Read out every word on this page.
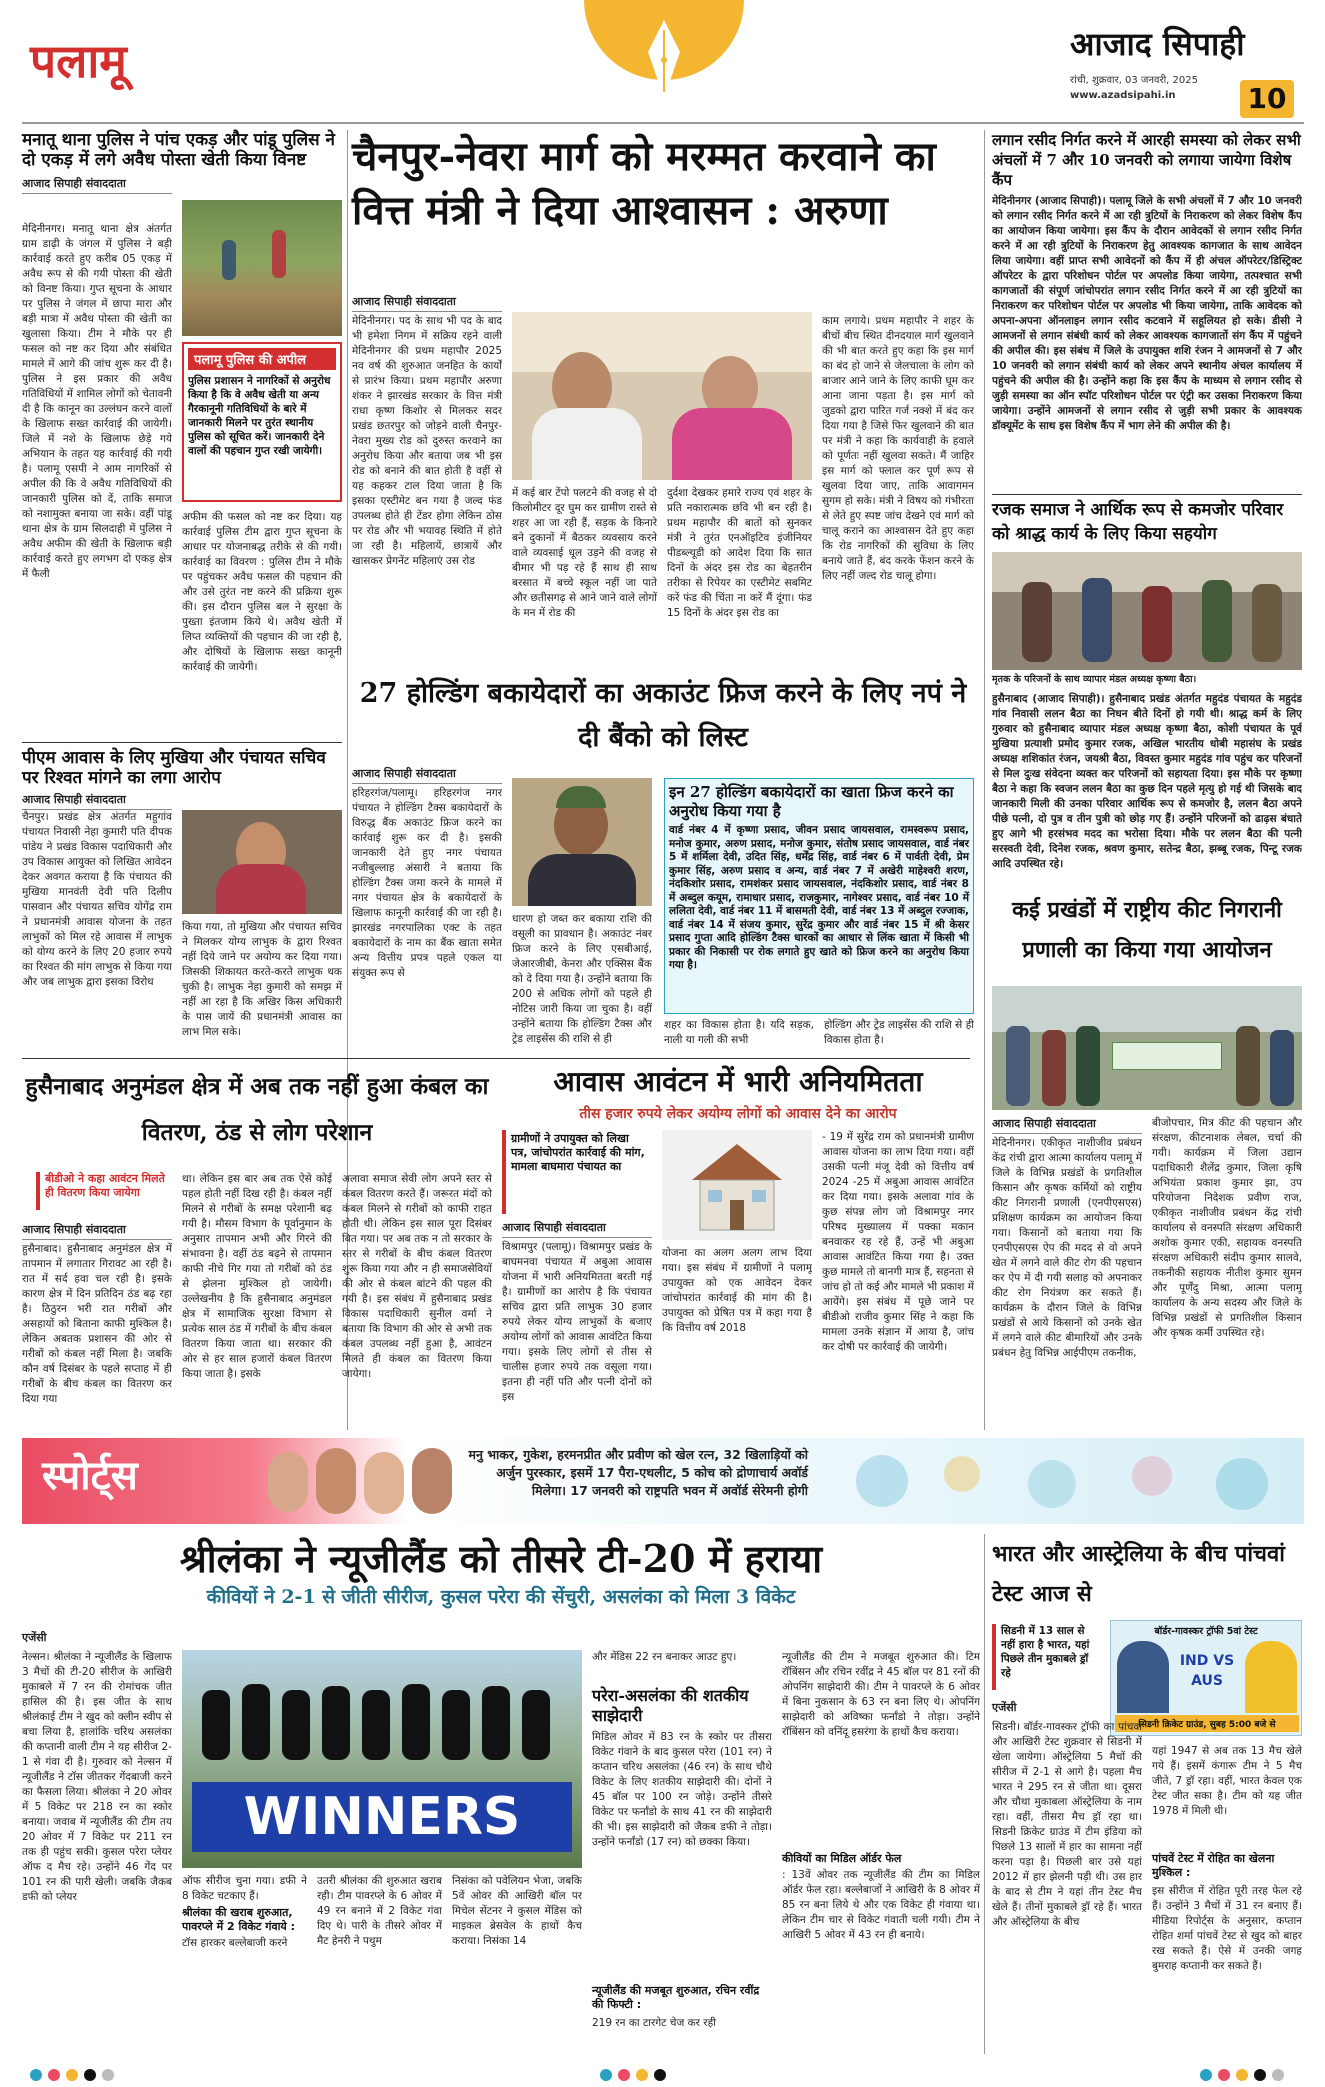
पलामू	आजाद सिपाही
रांची, शुक्रवार, 03 जनवरी, 2025
www.azadsipahi.in	10
मनातू थाना पुलिस ने पांच एकड़ और पांडू पुलिस ने दो एकड़ में लगे अवैध पोस्ता खेती किया विनष्ट
आजाद सिपाही संवाददाता
मेदिनीनगर। मनातू थाना क्षेत्र अंतर्गत ग्राम डाढ़ी के जंगल में पुलिस ने बड़ी कार्रवाई करते हुए करीब 05 एकड़ में अवैध रूप से की गयी पोस्ता की खेती को विनष्ट किया। गुप्त सूचना के आधार पर पुलिस ने जंगल में छापा मारा और बड़ी मात्रा में अवैध पोस्ता की खेती का खुलासा किया। टीम ने मौके पर ही फसल को नष्ट कर दिया और संबंधित मामले में आगे की जांच शुरू कर दी है। पुलिस ने इस प्रकार की अवैध गतिविधियों में शामिल लोगों को चेतावनी दी है कि कानून का उल्लंघन करने वालों के खिलाफ सख्त कार्रवाई की जायेगी। जिले में नशे के खिलाफ छेड़े गये अभियान के तहत यह कार्रवाई की गयी है। पलामू एसपी ने आम नागरिकों से अपील की कि वे अवैध गतिविधियों की जानकारी पुलिस को दें, ताकि समाज को नशामुक्त बनाया जा सके। वहीं पांडू थाना क्षेत्र के ग्राम सिलदाही में पुलिस ने अवैध अफीम की खेती के खिलाफ बड़ी कार्रवाई करते हुए लगभग दो एकड़ क्षेत्र में फैली
पलामू पुलिस की अपील
पुलिस प्रशासन ने नागरिकों से अनुरोध किया है कि वे अवैध खेती या अन्य गैरकानूनी गतिविधियों के बारे में जानकारी मिलने पर तुरंत स्थानीय पुलिस को सूचित करें। जानकारी देने वालों की पहचान गुप्त रखी जायेगी।
अफीम की फसल को नष्ट कर दिया। यह कार्रवाई पुलिस टीम द्वारा गुप्त सूचना के आधार पर योजनाबद्ध तरीके से की गयी। कार्रवाई का विवरण : पुलिस टीम ने मौके पर पहुंचकर अवैध फसल की पहचान की और उसे तुरंत नष्ट करने की प्रक्रिया शुरू की। इस दौरान पुलिस बल ने सुरक्षा के पुख्ता इंतजाम किये थे। अवैध खेती में लिप्त व्यक्तियों की पहचान की जा रही है, और दोषियों के खिलाफ सख्त कानूनी कार्रवाई की जायेगी।
पीएम आवास के लिए मुखिया और पंचायत सचिव पर रिश्वत मांगने का लगा आरोप
आजाद सिपाही संवाददाता
चैनपुर। प्रखंड क्षेत्र अंतर्गत महुगांव पंचायत निवासी नेहा कुमारी पति दीपक पांडेय ने प्रखंड विकास पदाधिकारी और उप विकास आयुक्त को लिखित आवेदन देकर अवगत कराया है कि पंचायत की मुखिया मानवंती देवी पति दिलीप पासवान और पंचायत सचिव योगेंद्र राम ने प्रधानमंत्री आवास योजना के तहत लाभुकों को मिल रहे आवास में लाभुक को योग्य करने के लिए 20 हजार रुपये का रिश्वत की मांग लाभुक से किया गया और जब लाभुक द्वारा इसका विरोध
किया गया, तो मुखिया और पंचायत सचिव ने मिलकर योग्य लाभुक के द्वारा रिश्वत नहीं दिये जाने पर अयोग्य कर दिया गया। जिसकी शिकायत करते-करते लाभुक थक चुकी है। लाभुक नेहा कुमारी को समझ में नहीं आ रहा है कि अखिर किस अधिकारी के पास जायें की प्रधानमंत्री आवास का लाभ मिल सके।
चैनपुर-नेवरा मार्ग को मरम्मत करवाने का वित्त मंत्री ने दिया आश्वासन : अरुणा
आजाद सिपाही संवाददाता
मेदिनीनगर। पद के साथ भी पद के बाद भी हमेशा निगम में सक्रिय रहने वाली मेदिनीनगर की प्रथम महापौर 2025 नव वर्ष की शुरुआत जनहित के कार्यों से प्रारंभ किया। प्रथम महापौर अरुणा शंकर ने झारखंड सरकार के वित्त मंत्री राधा कृष्ण किशोर से मिलकर सदर प्रखंड छतरपुर को जोड़ने वाली चैनपुर-नेवरा मुख्य रोड को दुरुस्त करवाने का अनुरोध किया और बताया जब भी इस रोड को बनाने की बात होती है वहीं से यह कहकर टाल दिया जाता है कि इसका एस्टीमेट बन गया है जल्द फंड उपलब्ध होते ही टेंडर होगा लेकिन ठोस पर रोड और भी भयावह स्थिति में होते जा रही है। महिलायें, छात्रायें और खासकर प्रेगनेंट महिलाएं उस रोड
में कई बार टेंपो पलटने की वजह से दो किलोमीटर दूर घुम कर ग्रामीण रास्ते से शहर आ जा रही हैं, सड़क के किनारे बने दुकानों में बैठकर व्यवसाय करने वाले व्यवसाई धूल उड़ने की वजह से बीमार भी पड़ रहे हैं साथ ही साथ बरसात में बच्चे स्कूल नहीं जा पाते और छतीसगढ़ से आने जाने वाले लोगों के मन में रोड की
दुर्दशा देखकर हमारे राज्य एवं शहर के प्रति नकारात्मक छवि भी बन रही है। प्रथम महापौर की बातों को सुनकर मंत्री ने तुरंत एनऑइटिव इंजीनियर पीडब्ल्यूडी को आदेश दिया कि सात दिनों के अंदर इस रोड का बेहतरीन तरीका से रिपेयर का एस्टीमेट सबमिट करें फंड की चिंता ना करें मैं दूंगा। फंड 15 दिनों के अंदर इस रोड का
काम लगाये। प्रथम महापौर ने शहर के बीचों बीच स्थित दीनदयाल मार्ग खुलवाने की भी बात करते हुए कहा कि इस मार्ग का बंद हो जाने से जेलचाला के लोग को बाजार आने जाने के लिए काफी घूम कर आना जाना पड़ता है। इस मार्ग को जुडको द्वारा पारित गर्ज नक्शे में बंद कर दिया गया है जिसे फिर खुलवाने की बात पर मंत्री ने कहा कि कार्यवाही के हवाले को पूर्णतः नहीं खुलवा सकते। मैं जाहिर इस मार्ग को फ्लाल कर पूर्ण रूप से खुलवा दिया जाए, ताकि आवागमन सुगम हो सके। मंत्री ने विषय को गंभीरता से लेते हुए स्पष्ट जांच देखने एवं मार्ग को चालू कराने का आश्वासन देते हुए कहा कि रोड नागरिकों की सुविधा के लिए बनाये जाते हैं, बंद करके फेंशन करने के लिए नहीं जल्द रोड चालू होगा।
27 होल्डिंग बकायेदारों का अकाउंट फ्रिज करने के लिए नपं ने दी बैंको को लिस्ट
आजाद सिपाही संवाददाता
हरिहरगंज/पलामू। हरिहरगंज नगर पंचायत ने होल्डिंग टैक्स बकायेदारों के विरुद्ध बैंक अकाउंट फ्रिज करने का कार्रवाई शुरू कर दी है। इसकी जानकारी देते हुए नगर पंचायत नजीबुल्लाह अंसारी ने बताया कि होल्डिंग टैक्स जमा करने के मामले में नगर पंचायत क्षेत्र के बकायेदारों के खिलाफ कानूनी कार्रवाई की जा रही है। झारखंड नगरपालिका एक्ट के तहत बकायेदारों के नाम का बैंक खाता समेत अन्य वित्तीय प्रपत्र पहले एकल या संयुक्त रूप से
धारण हो जब्त कर बकाया राशि की वसूली का प्रावधान है। अकाउंट नंबर फ्रिज करने के लिए एसबीआई, जेआरजीबी, केनरा और एक्सिस बैंक को दे दिया गया है। उन्होंने बताया कि 200 से अधिक लोगों को पहले ही नोटिस जारी किया जा चुका है। वहीं उन्होंने बताया कि होल्डिंग टैक्स और ट्रेड लाइसेंस की राशि से ही
इन 27 होल्डिंग बकायेदारों का खाता फ्रिज करने का अनुरोध किया गया है
वार्ड नंबर 4 में कृष्णा प्रसाद, जीवन प्रसाद जायसवाल, रामस्वरूप प्रसाद, मनोज कुमार, अरुण प्रसाद, मनोज कुमार, संतोष प्रसाद जायसवाल, वार्ड नंबर 5 में शर्मिला देवी, उदित सिंह, धर्मेंद्र सिंह, वार्ड नंबर 6 में पार्वती देवी, प्रेम कुमार सिंह, अरुण प्रसाद व अन्य, वार्ड नंबर 7 में अखेरी माहेश्वरी शरण, नंदकिशोर प्रसाद, रामशंकर प्रसाद जायसवाल, नंदकिशोर प्रसाद, वार्ड नंबर 8 में अब्दुल कयूम, रामाधार प्रसाद, राजकुमार, नागेश्वर प्रसाद, वार्ड नंबर 10 में ललिता देवी, वार्ड नंबर 11 में बासमती देवी, वार्ड नंबर 13 में अब्दुल रज्जाक, वार्ड नंबर 14 में संजय कुमार, सुरेंद्र कुमार और वार्ड नंबर 15 में श्री केसर प्रसाद गुप्ता आदि होल्डिंग टैक्स धारकों का आधार से लिंक खाता में किसी भी प्रकार की निकासी पर रोक लगाते हुए खाते को फ्रिज करने का अनुरोध किया गया है।
शहर का विकास होता है। यदि सड़क, नाली या गली की सभी
होल्डिंग और ट्रेड लाइसेंस की राशि से ही विकास होता है।
लगान रसीद निर्गत करने में आरही समस्या को लेकर सभी अंचलों में 7 और 10 जनवरी को लगाया जायेगा विशेष कैंप
मेदिनीनगर (आजाद सिपाही)। पलामू जिले के सभी अंचलों में 7 और 10 जनवरी को लगान रसीद निर्गत करने में आ रही त्रुटियों के निराकरण को लेकर विशेष कैंप का आयोजन किया जायेगा। इस कैंप के दौरान आवेदकों से लगान रसीद निर्गत करने में आ रही त्रुटियों के निराकरण हेतु आवश्यक कागजात के साथ आवेदन लिया जायेगा। वहीं प्राप्त सभी आवेदनों को कैंप में ही अंचल ऑपरेटर/डिस्ट्रिक्ट ऑपरेटर के द्वारा परिशोधन पोर्टल पर अपलोड किया जायेगा, तत्पश्चात सभी कागजातों की संपूर्ण जांचोपरांत लगान रसीद निर्गत करने में आ रही त्रुटियों का निराकरण कर परिशोधन पोर्टल पर अपलोड भी किया जायेगा, ताकि आवेदक को अपना-अपना ऑनलाइन लगान रसीद कटवाने में सहूलियत हो सके। डीसी ने आमजनों से लगान संबंधी कार्य को लेकर आवश्यक कागजातों संग कैंप में पहुंचने की अपील की। इस संबंध में जिले के उपायुक्त शशि रंजन ने आमजनों से 7 और 10 जनवरी को लगान संबंधी कार्य को लेकर अपने स्थानीय अंचल कार्यालय में पहुंचने की अपील की है। उन्होंने कहा कि इस कैंप के माध्यम से लगान रसीद से जुड़ी समस्या का ऑन स्पॉट परिशोधन पोर्टल पर एंट्री कर उसका निराकरण किया जायेगा। उन्होंने आमजनों से लगान रसीद से जुड़ी सभी प्रकार के आवश्यक डॉक्यूमेंट के साथ इस विशेष कैंप में भाग लेने की अपील की है।
रजक समाज ने आर्थिक रूप से कमजोर परिवार को श्राद्ध कार्य के लिए किया सहयोग
मृतक के परिजनों के साथ व्यापार मंडल अध्यक्ष कृष्णा बैठा।
हुसैनाबाद (आजाद सिपाही)। हुसैनाबाद प्रखंड अंतर्गत महुदंड पंचायत के महुदंड गांव निवासी ललन बैठा का निधन बीते दिनों हो गयी थी। श्राद्ध कर्म के लिए गुरुवार को हुसैनाबाद व्यापार मंडल अध्यक्ष कृष्णा बैठा, कोशी पंचायत के पूर्व मुखिया प्रत्याशी प्रमोद कुमार रजक, अखिल भारतीय धोबी महासंघ के प्रखंड अध्यक्ष शशिकांत रंजन, जयश्री बैठा, विवस्त कुमार महुदंड गांव पहुंच कर परिजनों से मिल दुःख संवेदना व्यक्त कर परिजनों को सहायता दिया। इस मौके पर कृष्णा बैठा ने कहा कि स्वजन ललन बैठा का कुछ दिन पहले मृत्यु हो गई थी जिसके बाद जानकारी मिली की उनका परिवार आर्थिक रूप से कमजोर है, ललन बैठा अपने पीछे पत्नी, दो पुत्र व तीन पुत्री को छोड़ गए हैं। उन्होंने परिजनों को ढाढ़स बंधाते हुए आगे भी हरसंभव मदद का भरोसा दिया। मौके पर ललन बैठा की पत्नी सरस्वती देवी, दिनेश रजक, श्रवण कुमार, सतेन्द्र बैठा, झब्बू रजक, पिन्टू रजक आदि उपस्थित रहे।
कई प्रखंडों में राष्ट्रीय कीट निगरानी प्रणाली का किया गया आयोजन
आजाद सिपाही संवाददाता
मेदिनीनगर। एकीकृत नाशीजीव प्रबंधन केंद्र रांची द्वारा आत्मा कार्यालय पलामू में जिले के विभिन्न प्रखंडों के प्रगतिशील किसान और कृषक कर्मियों को राष्ट्रीय कीट निगरानी प्रणाली (एनपीएसएस) प्रशिक्षण कार्यक्रम का आयोजन किया गया। किसानों को बताया गया कि एनपीएसएस ऐप की मदद से वो अपने खेत में लगने वाले कीट रोग की पहचान कर ऐप में दी गयी सलाह को अपनाकर कीट रोग नियंत्रण कर सकते हैं। कार्यक्रम के दौरान जिले के विभिन्न प्रखंडों से आये किसानों को उनके खेत में लगने वाले कीट बीमारियों और उनके प्रबंधन हेतु विभिन्न आईपीएम तकनीक,
बीजोपचार, मित्र कीट की पहचान और संरक्षण, कीटनाशक लेबल, चर्चा की गयी। कार्यक्रम में जिला उद्यान पदाधिकारी शैलेंद्र कुमार, जिला कृषि अभियंता प्रकाश कुमार झा, उप परियोजना निदेशक प्रवीण राज, एकीकृत नाशीजीव प्रबंधन केंद्र रांची कार्यालय से वनस्पति संरक्षण अधिकारी अशोक कुमार एकी, सहायक वनस्पति संरक्षण अधिकारी संदीप कुमार सालवे, तकनीकी सहायक नीतीश कुमार सुमन और पूर्णेंदु मिश्रा, आत्मा पलामू कार्यालय के अन्य सदस्य और जिले के विभिन्न प्रखंडों से प्रगतिशील किसान और कृषक कर्मी उपस्थित रहे।
हुसैनाबाद अनुमंडल क्षेत्र में अब तक नहीं हुआ कंबल का वितरण, ठंड से लोग परेशान
बीडीओ ने कहा आवंटन मिलते ही वितरण किया जायेगा
आजाद सिपाही संवाददाता
हुसैनाबाद। हुसैनाबाद अनुमंडल क्षेत्र में तापमान में लगातार गिरावट आ रही है। रात में सर्द हवा चल रही है। इसके कारण क्षेत्र में दिन प्रतिदिन ठंड बढ़ रहा है। ठिठुरन भरी रात गरीबों और असहायों को बिताना काफी मुश्किल है। लेकिन अबतक प्रशासन की ओर से गरीबों को कंबल नहीं मिला है। जबकि कौन वर्ष दिसंबर के पहले सप्ताह में ही गरीबों के बीच कंबल का वितरण कर दिया गया
था। लेकिन इस बार अब तक ऐसे कोई पहल होती नहीं दिख रही है। कंबल नहीं मिलने से गरीबों के समक्ष परेशानी बढ़ गयी है। मौसम विभाग के पूर्वानुमान के अनुसार तापमान अभी और गिरने की संभावना है। वहीं ठंड बढ़ने से तापमान काफी नीचे गिर गया तो गरीबों को ठंड से झेलना मुश्किल हो जायेगी। उल्लेखनीय है कि हुसैनाबाद अनुमंडल क्षेत्र में सामाजिक सुरक्षा विभाग से प्रत्येक साल ठंड में गरीबों के बीच कंबल वितरण किया जाता था। सरकार की ओर से हर साल हजारों कंबल वितरण किया जाता है। इसके
अलावा समाज सेवी लोग अपने स्तर से कंबल वितरण करते हैं। जरूरत मंदों को कंबल मिलने से गरीबों को काफी राहत होती थी। लेकिन इस साल पूरा दिसंबर बित गया। पर अब तक न तो सरकार के स्तर से गरीबों के बीच कंबल वितरण शुरू किया गया और न ही समाजसेवियों की ओर से कंबल बांटने की पहल की गयी है। इस संबंध में हुसैनाबाद प्रखंड विकास पदाधिकारी सुनील वर्मा ने बताया कि विभाग की ओर से अभी तक कंबल उपलब्ध नहीं हुआ है, आवंटन मिलते ही कंबल का वितरण किया जायेगा।
आवास आवंटन में भारी अनियमितता
तीस हजार रुपये लेकर अयोग्य लोगों को आवास देने का आरोप
ग्रामीणों ने उपायुक्त को लिखा पत्र, जांचोपरांत कार्रवाई की मांग, मामला बाघमारा पंचायत का
आजाद सिपाही संवाददाता
विश्रामपुर (पलामू)। विश्रामपुर प्रखंड के बाघमनवा पंचायत में अबुआ आवास योजना में भारी अनियमितता बरती गई है। ग्रामीणों का आरोप है कि पंचायत सचिव द्वारा प्रति लाभुक 30 हजार रुपये लेकर योग्य लाभुकों के बजाए अयोग्य लोगों को आवास आवंटित किया गया। इसके लिए लोगों से तीस से चालीस हजार रुपये तक वसूला गया। इतना ही नहीं पति और पत्नी दोनों को इस
योजना का अलग अलग लाभ दिया गया। इस संबंध में ग्रामीणों ने पलामू उपायुक्त को एक आवेदन देकर जांचोपरांत कार्रवाई की मांग की है। उपायुक्त को प्रेषित पत्र में कहा गया है कि वित्तीय वर्ष 2018
- 19 में सुरेंद्र राम को प्रधानमंत्री ग्रामीण आवास योजना का लाभ दिया गया। वहीं उसकी पत्नी मंजू देवी को वित्तीय वर्ष 2024 -25 में अबुआ आवास आवंटित कर दिया गया। इसके अलावा गांव के कुछ संपन्न लोग जो विश्रामपुर नगर परिषद मुख्यालय में पक्का मकान बनवाकर रह रहे हैं, उन्हें भी अबुआ आवास आवंटित किया गया है। उक्त कुछ मामले तो बानगी मात्र हैं, सहनता से जांच हो तो कई और मामले भी प्रकाश में आयेंगे। इस संबंध में पूछे जाने पर बीडीओ राजीव कुमार सिंह ने कहा कि मामला उनके संज्ञान में आया है, जांच कर दोषी पर कार्रवाई की जायेगी।
स्पोर्ट्स	मनु भाकर, गुकेश, हरमनप्रीत और प्रवीण को खेल रत्न, 32 खिलाड़ियों को अर्जुन पुरस्कार, इसमें 17 पैरा-एथलीट, 5 कोच को द्रोणाचार्य अवॉर्ड मिलेगा। 17 जनवरी को राष्ट्रपति भवन में अवॉर्ड सेरेमनी होगी
श्रीलंका ने न्यूजीलैंड को तीसरे टी-20 में हराया
कीवियों ने 2-1 से जीती सीरीज, कुसल परेरा की सेंचुरी, असलंका को मिला 3 विकेट
एजेंसी
नेल्सन। श्रीलंका ने न्यूजीलैंड के खिलाफ 3 मैचों की टी-20 सीरीज के आखिरी मुकाबले में 7 रन की रोमांचक जीत हासिल की है। इस जीत के साथ श्रीलंकाई टीम ने खुद को क्लीन स्वीप से बचा लिया है, हालांकि चरिथ असलंका की कप्तानी वाली टीम ने यह सीरीज 2-1 से गंवा दी है। गुरुवार को नेल्सन में न्यूजीलैंड ने टॉस जीतकर गेंदबाजी करने का फैसला लिया। श्रीलंका ने 20 ओवर में 5 विकेट पर 218 रन का स्कोर बनाया। जवाब में न्यूजीलैंड की टीम तय 20 ओवर में 7 विकेट पर 211 रन तक ही पहुंच सकी। कुसल परेरा प्लेयर ऑफ द मैच रहे। उन्होंने 46 गेंद पर 101 रन की पारी खेली। जबकि जैकब डफी को प्लेयर
WINNERS
ऑफ सीरीज चुना गया। डफी ने 8 विकेट चटकाए हैं।
श्रीलंका की खराब शुरुआत, पावरप्ले में 2 विकेट गंवाये :
टॉस हारकर बल्लेबाजी करने
उतरी श्रीलंका की शुरुआत खराब रही। टीम पावरप्ले के 6 ओवर में 49 रन बनाने में 2 विकेट गंवा दिए थे। पारी के तीसरे ओवर में मैट हेनरी ने पथुम
निसंका को पवेलियन भेजा, जबकि 5वें ओवर की आखिरी बॉल पर मिचेल सेंटनर ने कुसल मेंडिस को माइकल ब्रेसवेल के हाथों कैच कराया। निसंका 14
और मेंडिस 22 रन बनाकर आउट हुए।
परेरा-असलंका की शतकीय साझेदारी
मिडिल ओवर में 83 रन के स्कोर पर तीसरा विकेट गंवाने के बाद कुसल परेरा (101 रन) ने कप्तान चरिथ असलंका (46 रन) के साथ चौथे विकेट के लिए शतकीय साझेदारी की। दोनों ने 45 बॉल पर 100 रन जोड़े। उन्होंने तीसरे विकेट पर फर्नांडो के साथ 41 रन की साझेदारी की भी। इस साझेदारी को जैकब डफी ने तोड़ा। उन्होंने फर्नांडो (17 रन) को छक्का किया।
न्यूजीलैंड की मजबूत शुरुआत, रचिन रवींद्र की फिफ्टी :
219 रन का टारगेट चेज कर रही
न्यूजीलैंड की टीम ने मजबूत शुरुआत की। टिम रॉबिंसन और रचिन रवींद्र ने 45 बॉल पर 81 रनों की ओपनिंग साझेदारी की। टीम ने पावरप्ले के 6 ओवर में बिना नुकसान के 63 रन बना लिए थे। ओपनिंग साझेदारी को अविष्का फर्नांडो ने तोड़ा। उन्होंने रॉबिंसन को वनिंदू हसरंगा के हाथों कैच कराया।
कीवियों का मिडिल ऑर्डर फेल
: 13वें ओवर तक न्यूजीलैंड की टीम का मिडिल ऑर्डर फेल रहा। बल्लेबाजों ने आखिरी के 8 ओवर में 85 रन बना लिये थे और एक विकेट ही गंवाया था। लेकिन टीम चार से विकेट गंवाती चली गयी। टीम ने आखिरी 5 ओवर में 43 रन ही बनाये।
भारत और आस्ट्रेलिया के बीच पांचवां टेस्ट आज से
सिडनी में 13 साल से नहीं हारा है भारत, यहां पिछले तीन मुकाबले ड्रॉ रहे
बॉर्डर-गावस्कर ट्रॉफी 5वां टेस्ट
IND VS AUS
सिडनी क्रिकेट ग्राउंड, सुबह 5:00 बजे से
एजेंसी
सिडनी। बॉर्डर-गावस्कर ट्रॉफी का पांचवां और आखिरी टेस्ट शुक्रवार से सिडनी में खेला जायेगा। ऑस्ट्रेलिया 5 मैचों की सीरीज में 2-1 से आगे है। पहला मैच भारत ने 295 रन से जीता था। दूसरा और चौथा मुकाबला ऑस्ट्रेलिया के नाम रहा। वहीं, तीसरा मैच ड्रॉ रहा था। सिडनी क्रिकेट ग्राउंड में टीम इंडिया को पिछले 13 सालों में हार का सामना नहीं करना पड़ा है। पिछली बार उसे यहां 2012 में हार झेलनी पड़ी थी। उस हार के बाद से टीम ने यहां तीन टेस्ट मैच खेले हैं। तीनों मुकाबले ड्रॉ रहे हैं। भारत और ऑस्ट्रेलिया के बीच
यहां 1947 से अब तक 13 मैच खेले गये हैं। इसमें कंगारू टीम ने 5 मैच जीते, 7 ड्रॉ रहा। वहीं, भारत केवल एक टेस्ट जीत सका है। टीम को यह जीत 1978 में मिली थी।
पांचवें टेस्ट में रोहित का खेलना मुश्किल :
इस सीरीज में रोहित पूरी तरह फेल रहे हैं। उन्होंने 3 मैचों में 31 रन बनाए हैं। मीडिया रिपोर्ट्स के अनुसार, कप्तान रोहित शर्मा पांचवें टेस्ट से खुद को बाहर रख सकते हैं। ऐसे में उनकी जगह बुमराह कप्तानी कर सकते हैं।
